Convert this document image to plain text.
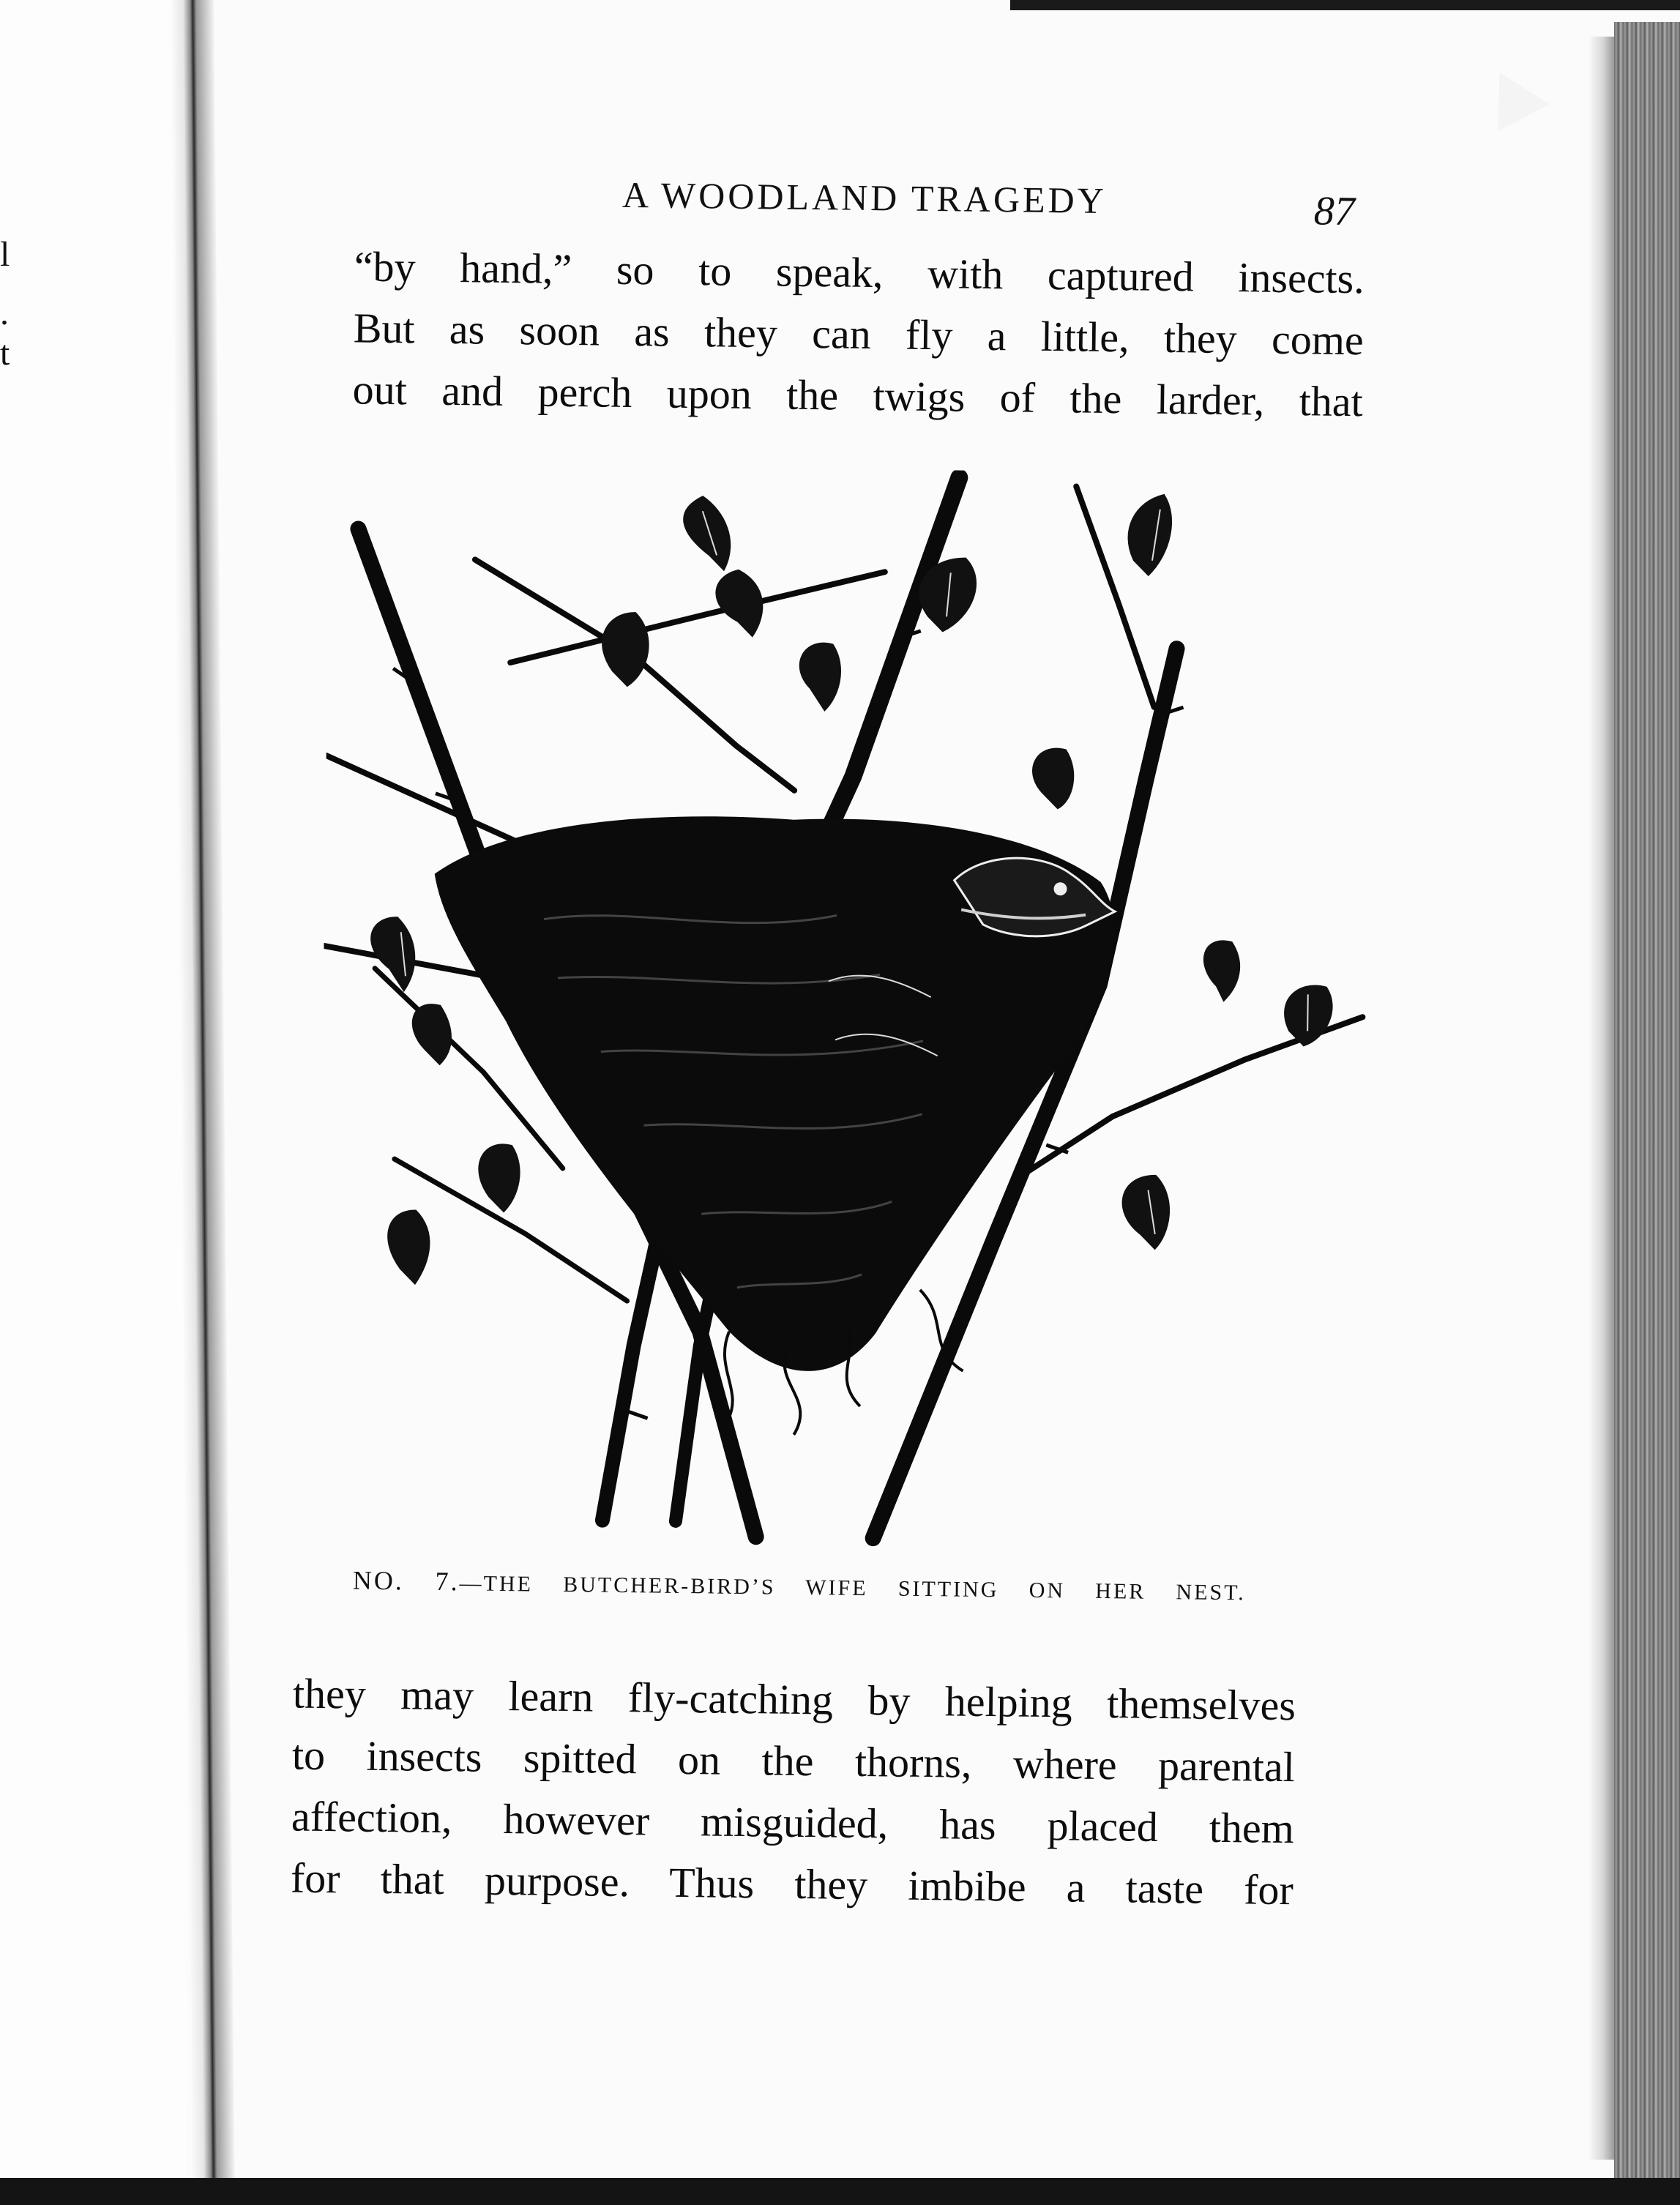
l
.
t
A WOODLAND TRAGEDY	87
“by hand,” so to speak, with captured insects.
But as soon as they can fly a little, they come
out and perch upon the twigs of the larder, that
NO. 7.—THE BUTCHER-BIRD’S WIFE SITTING ON HER NEST.
they may learn fly-catching by helping themselves
to insects spitted on the thorns, where parental
affection, however misguided, has placed them
for that purpose. Thus they imbibe a taste for
